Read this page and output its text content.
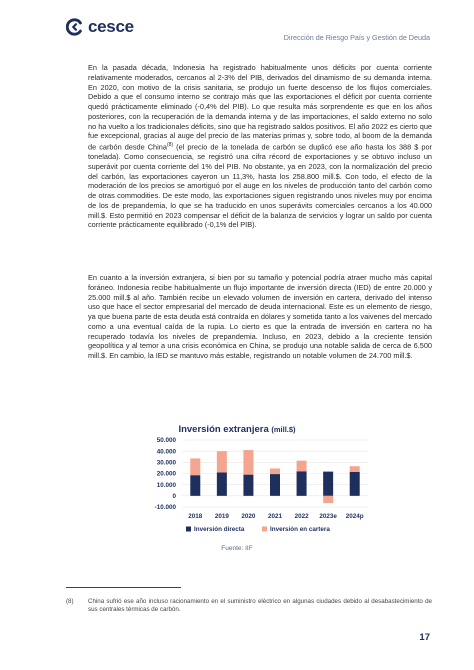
cesce
Dirección de Riesgo País y Gestión de Deuda
En la pasada década, Indonesia ha registrado habitualmente unos déficits por cuenta corriente relativamente moderados, cercanos al 2-3% del PIB, derivados del dinamismo de su demanda interna. En 2020, con motivo de la crisis sanitaria, se produjo un fuerte descenso de los flujos comerciales. Debido a que el consumo interno se contrajo más que las exportaciones el déficit por cuenta corriente quedó prácticamente eliminado (-0,4% del PIB). Lo que resulta más sorprendente es que en los años posteriores, con la recuperación de la demanda interna y de las importaciones, el saldo externo no solo no ha vuelto a los tradicionales déficits, sino que ha registrado saldos positivos. El año 2022 es cierto que fue excepcional, gracias al auge del precio de las materias primas y, sobre todo, al boom de la demanda de carbón desde China$^{(8)}$ (el precio de la tonelada de carbón se duplicó ese año hasta los 388 $ por tonelada). Como consecuencia, se registró una cifra récord de exportaciones y se obtuvo incluso un superávit por cuenta corriente del 1% del PIB. No obstante, ya en 2023, con la normalización del precio del carbón, las exportaciones cayeron un 11,3%, hasta los 258.800 mill.$. Con todo, el efecto de la moderación de los precios se amortiguó por el auge en los niveles de producción tanto del carbón como de otras commodities. De este modo, las exportaciones siguen registrando unos niveles muy por encima de los de prepandemia, lo que se ha traducido en unos superávits comerciales cercanos a los 40.000 mill.$. Esto permitió en 2023 compensar el déficit de la balanza de servicios y lograr un saldo por cuenta corriente prácticamente equilibrado (-0,1% del PIB).
En cuanto a la inversión extranjera, si bien por su tamaño y potencial podría atraer mucho más capital foráneo. Indonesia recibe habitualmente un flujo importante de inversión directa (IED) de entre 20.000 y 25.000 mill.$ al año. También recibe un elevado volumen de inversión en cartera, derivado del intenso uso que hace el sector empresarial del mercado de deuda internacional. Este es un elemento de riesgo, ya que buena parte de esta deuda está contraída en dólares y sometida tanto a los vaivenes del mercado como a una eventual caída de la rupia. Lo cierto es que la entrada de inversión en cartera no ha recuperado todavía los niveles de prepandemia. Incluso, en 2023, debido a la creciente tensión geopolítica y al temor a una crisis económica en China, se produjo una notable salida de cerca de 6.500 mill.$. En cambio, la IED se mantuvo más estable, registrando un notable volumen de 24.700 mill.$.
Inversión extranjera (mill.$)
50.000
40.000
30.000
20.000
10.000
0
-10.000
2018 2019 2020 2021 2022 2023e 2024p
Inversión directa	Inversión en cartera
Fuente: IIF
(8)	China sufrió ese año incluso racionamiento en el suministro eléctrico en algunas ciudades debido al desabastecimiento de sus centrales térmicas de carbón.
17
